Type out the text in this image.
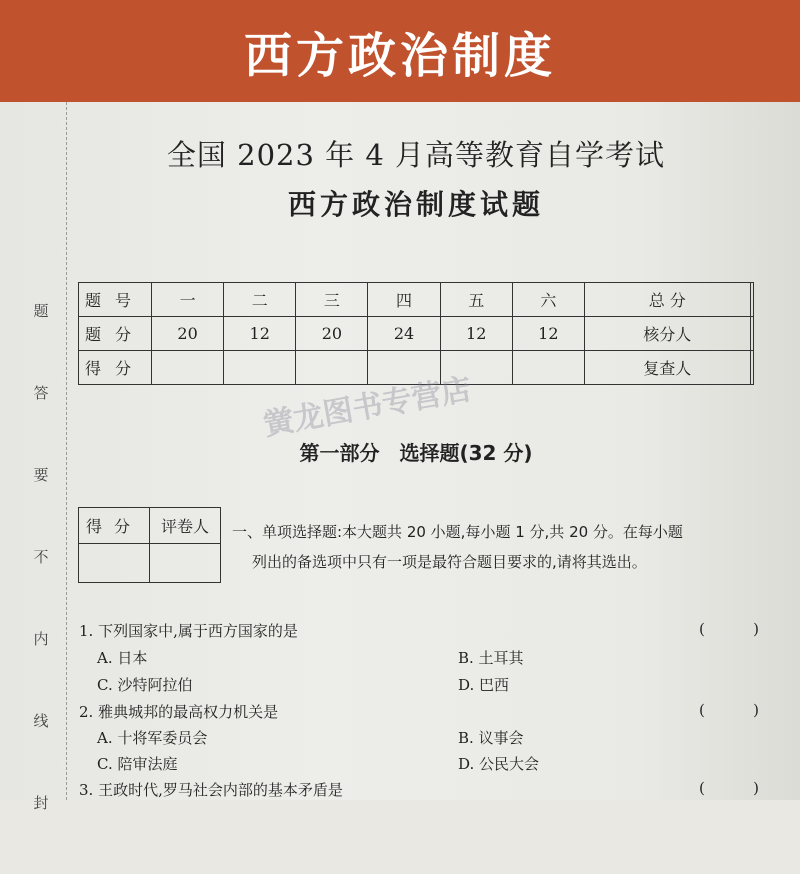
西方政治制度
题
答
要
不
内
线
封
全国 2023 年 4 月高等教育自学考试
西方政治制度试题
题号	一	二	三	四	五	六	总 分	
题分	20	12	20	24	12	12	核分人	
得分							复查人	
黉龙图书专营店
第一部分　选择题(32 分)
得分	评卷人
	一、单项选择题:本大题共 20 小题,每小题 1 分,共 20 分。在每小题
列出的备选项中只有一项是最符合题目要求的,请将其选出。
1. 下列国家中,属于西方国家的是	(	)
A. 日本	B. 土耳其
C. 沙特阿拉伯	D. 巴西
2. 雅典城邦的最高权力机关是	(	)
A. 十将军委员会	B. 议事会
C. 陪审法庭	D. 公民大会
3. 王政时代,罗马社会内部的基本矛盾是	(	)
